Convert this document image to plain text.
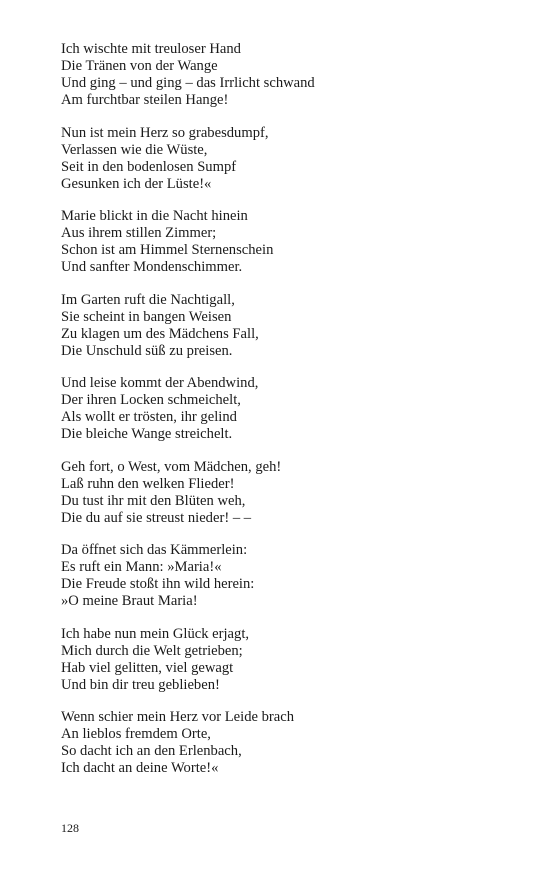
Ich wischte mit treuloser Hand
Die Tränen von der Wange
Und ging – und ging – das Irrlicht schwand
Am furchtbar steilen Hange!
Nun ist mein Herz so grabesdumpf,
Verlassen wie die Wüste,
Seit in den bodenlosen Sumpf
Gesunken ich der Lüste!«
Marie blickt in die Nacht hinein
Aus ihrem stillen Zimmer;
Schon ist am Himmel Sternenschein
Und sanfter Mondenschimmer.
Im Garten ruft die Nachtigall,
Sie scheint in bangen Weisen
Zu klagen um des Mädchens Fall,
Die Unschuld süß zu preisen.
Und leise kommt der Abendwind,
Der ihren Locken schmeichelt,
Als wollt er trösten, ihr gelind
Die bleiche Wange streichelt.
Geh fort, o West, vom Mädchen, geh!
Laß ruhn den welken Flieder!
Du tust ihr mit den Blüten weh,
Die du auf sie streust nieder! – –
Da öffnet sich das Kämmerlein:
Es ruft ein Mann: »Maria!«
Die Freude stoßt ihn wild herein:
»O meine Braut Maria!
Ich habe nun mein Glück erjagt,
Mich durch die Welt getrieben;
Hab viel gelitten, viel gewagt
Und bin dir treu geblieben!
Wenn schier mein Herz vor Leide brach
An lieblos fremdem Orte,
So dacht ich an den Erlenbach,
Ich dacht an deine Worte!«
128
